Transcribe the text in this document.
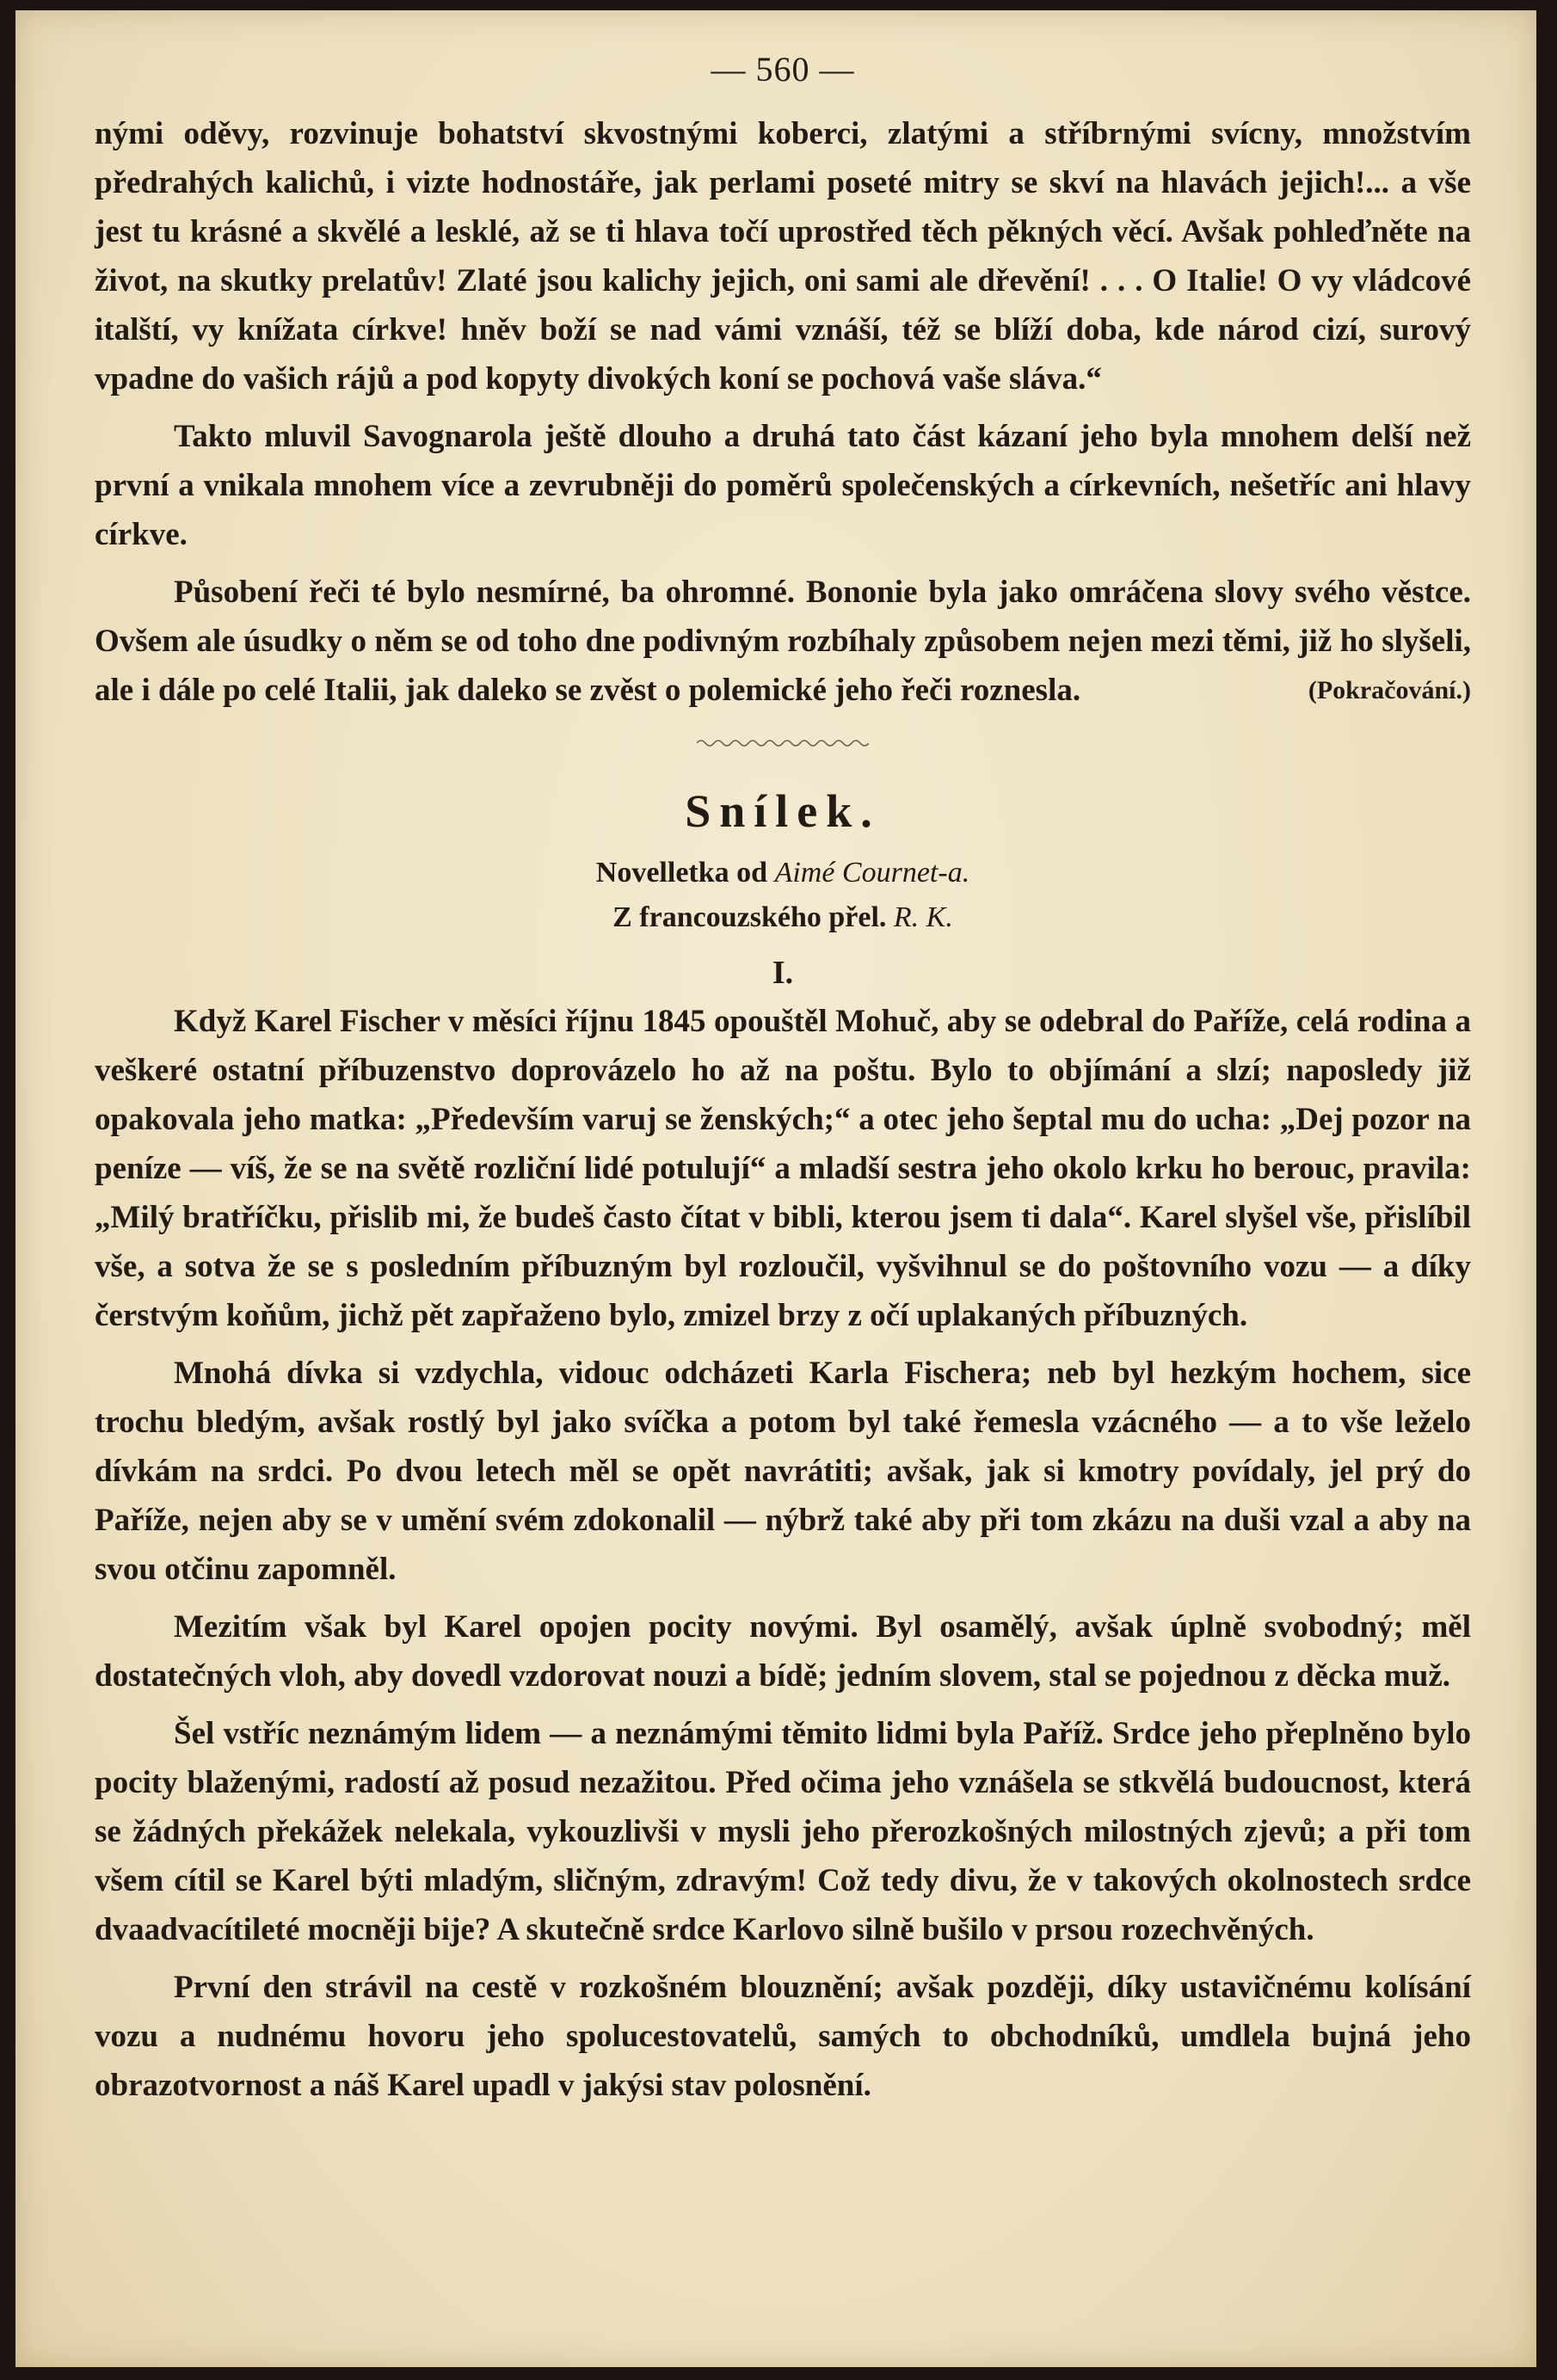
— 560 —

nými oděvy, rozvinuje bohatství skvostnými koberci, zlatými a stříbrnými svícny, množstvím předrahých kalichů, i vizte hodnostáře, jak perlami poseté mitry se skví na hlavách jejich!... a vše jest tu krásné a skvělé a lesklé, až se ti hlava točí uprostřed těch pěkných věcí. Avšak pohleďněte na život, na skutky prelatův! Zlaté jsou kalichy jejich, oni sami ale dřevění! . . . O Italie! O vy vládcové italští, vy knížata církve! hněv boží se nad vámi vznáší, též se blíží doba, kde národ cizí, surový vpadne do vašich rájů a pod kopyty divokých koní se pochová vaše sláva.“

Takto mluvil Savognarola ještě dlouho a druhá tato část kázaní jeho byla mnohem delší než první a vnikala mnohem více a zevrubněji do poměrů společenských a církevních, nešetříc ani hlavy církve.

Působení řeči té bylo nesmírné, ba ohromné. Bononie byla jako omráčena slovy svého věstce. Ovšem ale úsudky o něm se od toho dne podivným rozbíhaly způsobem nejen mezi těmi, již ho slyšeli, ale i dále po celé Italii, jak daleko se zvěst o polemické jeho řeči roznesla.	(Pokračování.)

Snílek.
Novelletka od Aimé Cournet-a.
Z francouzského přel. R. K.
I.

Když Karel Fischer v měsíci říjnu 1845 opouštěl Mohuč, aby se odebral do Paříže, celá rodina a veškeré ostatní příbuzenstvo doprovázelo ho až na poštu. Bylo to objímání a slzí; naposledy již opakovala jeho matka: „Především varuj se ženských;“ a otec jeho šeptal mu do ucha: „Dej pozor na peníze — víš, že se na světě rozliční lidé potulují“ a mladší sestra jeho okolo krku ho berouc, pravila: „Milý bratříčku, přislib mi, že budeš často čítat v bibli, kterou jsem ti dala“. Karel slyšel vše, přislíbil vše, a sotva že se s posledním příbuzným byl rozloučil, vyšvihnul se do poštovního vozu — a díky čerstvým koňům, jichž pět zapřaženo bylo, zmizel brzy z očí uplakaných příbuzných.

Mnohá dívka si vzdychla, vidouc odcházeti Karla Fischera; neb byl hezkým hochem, sice trochu bledým, avšak rostlý byl jako svíčka a potom byl také řemesla vzácného — a to vše leželo dívkám na srdci. Po dvou letech měl se opět navrátiti; avšak, jak si kmotry povídaly, jel prý do Paříže, nejen aby se v umění svém zdokonalil — nýbrž také aby při tom zkázu na duši vzal a aby na svou otčinu zapomněl.

Mezitím však byl Karel opojen pocity novými. Byl osamělý, avšak úplně svobodný; měl dostatečných vloh, aby dovedl vzdorovat nouzi a bídě; jedním slovem, stal se pojednou z děcka muž.

Šel vstříc neznámým lidem — a neznámými těmito lidmi byla Paříž. Srdce jeho přeplněno bylo pocity blaženými, radostí až posud nezažitou. Před očima jeho vznášela se stkvělá budoucnost, která se žádných překážek nelekala, vykouzlivši v mysli jeho přerozkošných milostných zjevů; a při tom všem cítil se Karel býti mladým, sličným, zdravým! Což tedy divu, že v takových okolnostech srdce dvaadvacítileté mocněji bije? A skutečně srdce Karlovo silně bušilo v prsou rozechvěných.

První den strávil na cestě v rozkošném blouznění; avšak později, díky ustavičnému kolísání vozu a nudnému hovoru jeho spolucestovatelů, samých to obchodníků, umdlela bujná jeho obrazotvornost a náš Karel upadl v jakýsi stav polosnění.
